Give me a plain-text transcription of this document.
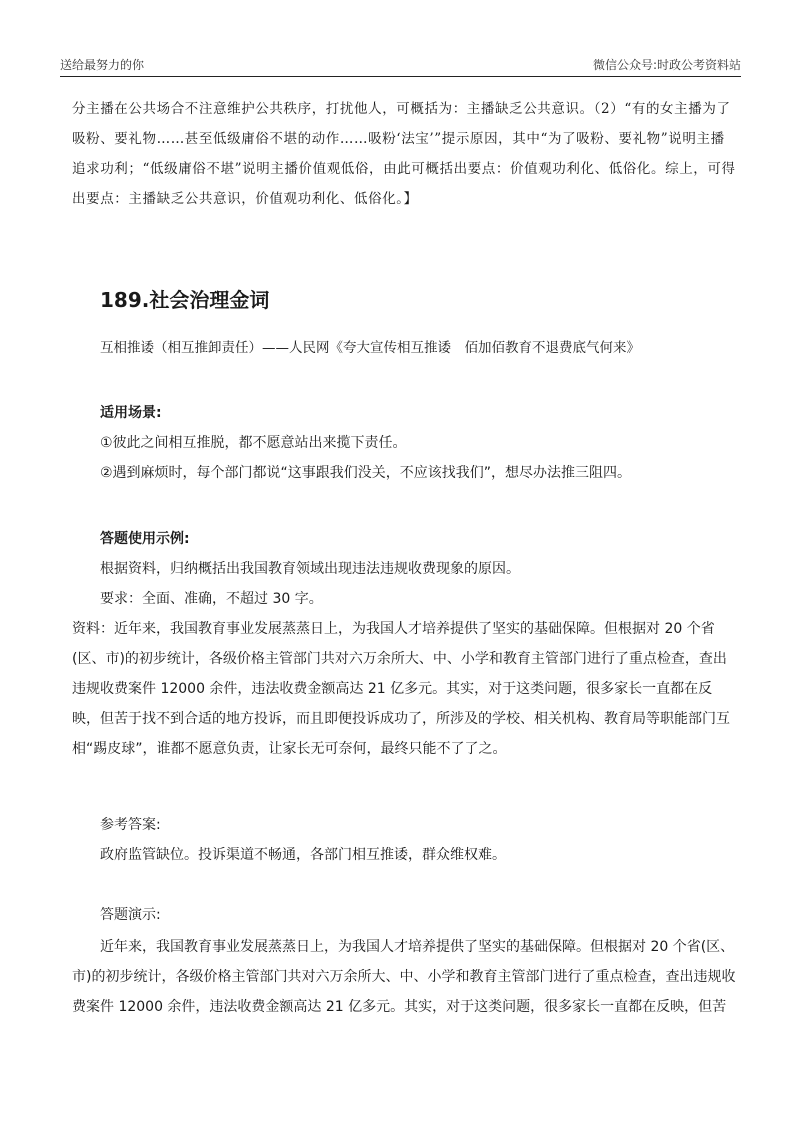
送给最努力的你	微信公众号:时政公考资料站

分主播在公共场合不注意维护公共秩序，打扰他人，可概括为：主播缺乏公共意识。（2）“有的女主播为了吸粉、要礼物……甚至低级庸俗不堪的动作……吸粉‘法宝’”提示原因，其中“为了吸粉、要礼物”说明主播追求功利；“低级庸俗不堪”说明主播价值观低俗，由此可概括出要点：价值观功利化、低俗化。综上，可得出要点：主播缺乏公共意识，价值观功利化、低俗化。】

189.社会治理金词

互相推诿（相互推卸责任）——人民网《夸大宣传相互推诿　佰加佰教育不退费底气何来》

适用场景:

①彼此之间相互推脱，都不愿意站出来揽下责任。

②遇到麻烦时，每个部门都说“这事跟我们没关，不应该找我们”，想尽办法推三阻四。

答题使用示例:

根据资料，归纳概括出我国教育领域出现违法违规收费现象的原因。

要求：全面、准确，不超过 30 字。

资料：近年来，我国教育事业发展蒸蒸日上，为我国人才培养提供了坚实的基础保障。但根据对 20 个省(区、市)的初步统计，各级价格主管部门共对六万余所大、中、小学和教育主管部门进行了重点检查，查出违规收费案件 12000 余件，违法收费金额高达 21 亿多元。其实，对于这类问题，很多家长一直都在反映，但苦于找不到合适的地方投诉，而且即便投诉成功了，所涉及的学校、相关机构、教育局等职能部门互相“踢皮球”，谁都不愿意负责，让家长无可奈何，最终只能不了了之。

参考答案:

政府监管缺位。投诉渠道不畅通，各部门相互推诿，群众维权难。

答题演示:

近年来，我国教育事业发展蒸蒸日上，为我国人才培养提供了坚实的基础保障。但根据对 20 个省(区、市)的初步统计，各级价格主管部门共对六万余所大、中、小学和教育主管部门进行了重点检查，查出违规收费案件 12000 余件，违法收费金额高达 21 亿多元。其实，对于这类问题，很多家长一直都在反映，但苦
